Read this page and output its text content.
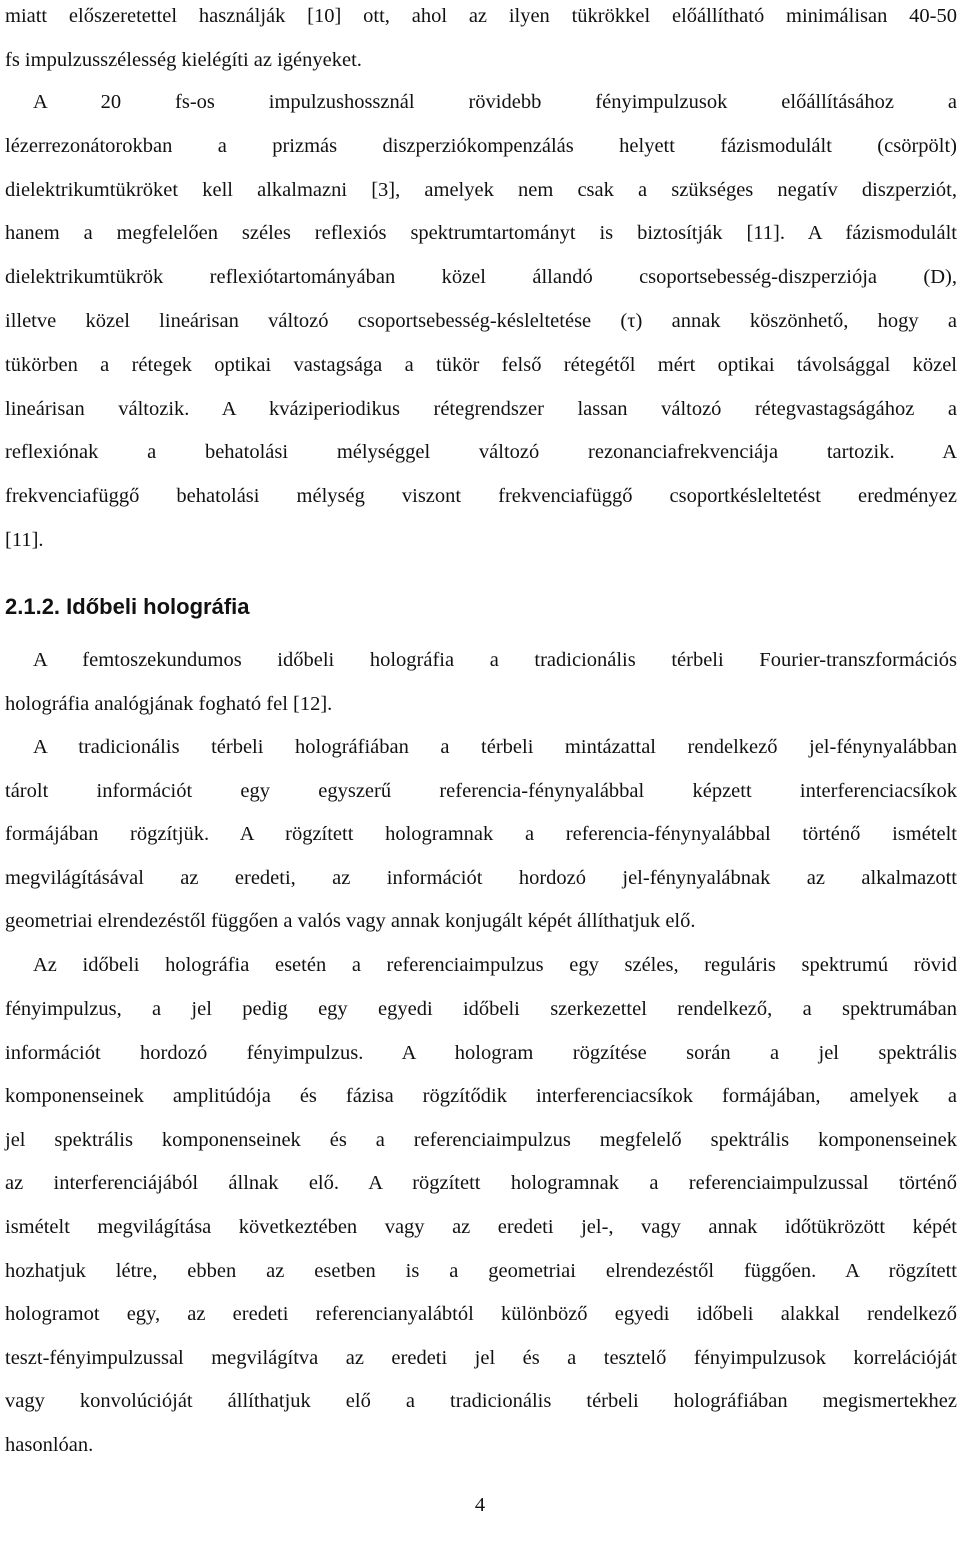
miatt előszeretettel használják [10] ott, ahol az ilyen tükrökkel előállítható minimálisan 40-50
fs impulzusszélesség kielégíti az igényeket.
A 20 fs-os impulzushossznál rövidebb fényimpulzusok előállításához a
lézerrezonátorokban a prizmás diszperziókompenzálás helyett fázismodulált (csörpölt)
dielektrikumtükröket kell alkalmazni [3], amelyek nem csak a szükséges negatív diszperziót,
hanem a megfelelően széles reflexiós spektrumtartományt is biztosítják [11]. A fázismodulált
dielektrikumtükrök reflexiótartományában közel állandó csoportsebesség-diszperziója (D),
illetve közel lineárisan változó csoportsebesség-késleltetése (τ) annak köszönhető, hogy a
tükörben a rétegek optikai vastagsága a tükör felső rétegétől mért optikai távolsággal közel
lineárisan változik. A kváziperiodikus rétegrendszer lassan változó rétegvastagságához a
reflexiónak a behatolási mélységgel változó rezonanciafrekvenciája tartozik. A
frekvenciafüggő behatolási mélység viszont frekvenciafüggő csoportkésleltetést eredményez
[11].
2.1.2. Időbeli holográfia
A femtoszekundumos időbeli holográfia a tradicionális térbeli Fourier-transzformációs
holográfia analógjának fogható fel [12].
A tradicionális térbeli holográfiában a térbeli mintázattal rendelkező jel-fénynyalábban
tárolt információt egy egyszerű referencia-fénynyalábbal képzett interferenciacsíkok
formájában rögzítjük. A rögzített hologramnak a referencia-fénynyalábbal történő ismételt
megvilágításával az eredeti, az információt hordozó jel-fénynyalábnak az alkalmazott
geometriai elrendezéstől függően a valós vagy annak konjugált képét állíthatjuk elő.
Az időbeli holográfia esetén a referenciaimpulzus egy széles, reguláris spektrumú rövid
fényimpulzus, a jel pedig egy egyedi időbeli szerkezettel rendelkező, a spektrumában
információt hordozó fényimpulzus. A hologram rögzítése során a jel spektrális
komponenseinek amplitúdója és fázisa rögzítődik interferenciacsíkok formájában, amelyek a
jel spektrális komponenseinek és a referenciaimpulzus megfelelő spektrális komponenseinek
az interferenciájából állnak elő. A rögzített hologramnak a referenciaimpulzussal történő
ismételt megvilágítása következtében vagy az eredeti jel-, vagy annak időtükrözött képét
hozhatjuk létre, ebben az esetben is a geometriai elrendezéstől függően. A rögzített
hologramot egy, az eredeti referencianyalábtól különböző egyedi időbeli alakkal rendelkező
teszt-fényimpulzussal megvilágítva az eredeti jel és a tesztelő fényimpulzusok korrelációját
vagy konvolúcióját állíthatjuk elő a tradicionális térbeli holográfiában megismertekhez
hasonlóan.
4
